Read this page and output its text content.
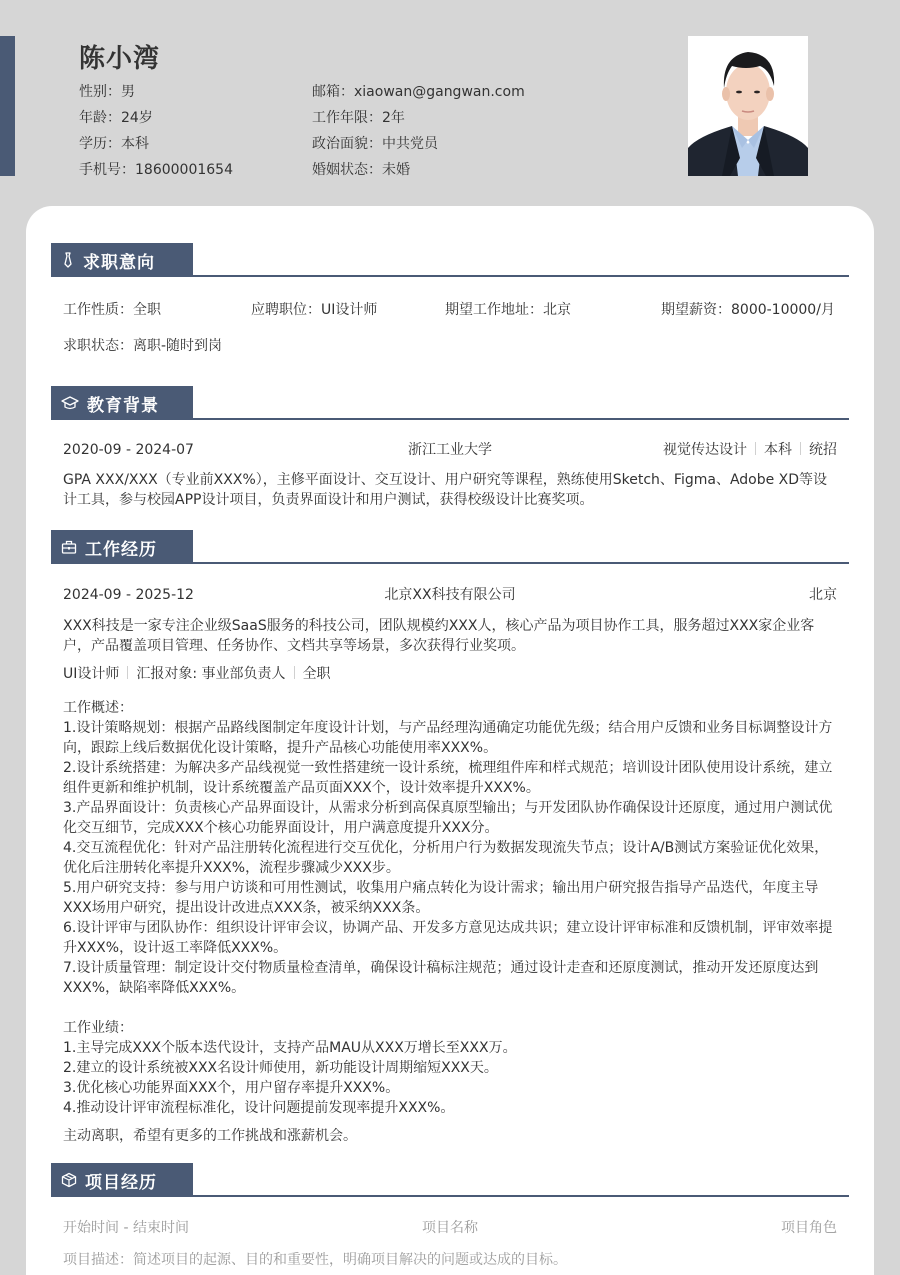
陈小湾
性别：男
年龄：24岁
学历：本科
手机号：18600001654
邮箱：xiaowan@gangwan.com
工作年限：2年
政治面貌：中共党员
婚姻状态：未婚
求职意向
工作性质：全职	应聘职位：UI设计师	期望工作地址：北京	期望薪资：8000-10000/月
求职状态： 离职-随时到岗
教育背景
2020-09 - 2024-07	浙江工业大学	视觉传达设计 本科 统招
GPA XXX/XXX（专业前XXX%），主修平面设计、交互设计、用户研究等课程，熟练使用Sketch、Figma、Adobe XD等设计工具，参与校园APP设计项目，负责界面设计和用户测试，获得校级设计比赛奖项。
工作经历
2024-09 - 2025-12	北京XX科技有限公司	北京
XXX科技是一家专注企业级SaaS服务的科技公司，团队规模约XXX人，核心产品为项目协作工具，服务超过XXX家企业客户，产品覆盖项目管理、任务协作、文档共享等场景，多次获得行业奖项。
UI设计师 汇报对象: 事业部负责人 全职
工作概述：
1.设计策略规划：根据产品路线图制定年度设计计划，与产品经理沟通确定功能优先级；结合用户反馈和业务目标调整设计方向，跟踪上线后数据优化设计策略，提升产品核心功能使用率XXX%。
2.设计系统搭建：为解决多产品线视觉一致性搭建统一设计系统，梳理组件库和样式规范；培训设计团队使用设计系统，建立组件更新和维护机制，设计系统覆盖产品页面XXX个，设计效率提升XXX%。
3.产品界面设计：负责核心产品界面设计，从需求分析到高保真原型输出；与开发团队协作确保设计还原度，通过用户测试优化交互细节，完成XXX个核心功能界面设计，用户满意度提升XXX分。
4.交互流程优化：针对产品注册转化流程进行交互优化，分析用户行为数据发现流失节点；设计A/B测试方案验证优化效果，优化后注册转化率提升XXX%，流程步骤减少XXX步。
5.用户研究支持：参与用户访谈和可用性测试，收集用户痛点转化为设计需求；输出用户研究报告指导产品迭代，年度主导XXX场用户研究，提出设计改进点XXX条，被采纳XXX条。
6.设计评审与团队协作：组织设计评审会议，协调产品、开发多方意见达成共识；建立设计评审标准和反馈机制，评审效率提升XXX%，设计返工率降低XXX%。
7.设计质量管理：制定设计交付物质量检查清单，确保设计稿标注规范；通过设计走查和还原度测试，推动开发还原度达到XXX%，缺陷率降低XXX%。
工作业绩：
1.主导完成XXX个版本迭代设计，支持产品MAU从XXX万增长至XXX万。
2.建立的设计系统被XXX名设计师使用，新功能设计周期缩短XXX天。
3.优化核心功能界面XXX个，用户留存率提升XXX%。
4.推动设计评审流程标准化，设计问题提前发现率提升XXX%。
主动离职，希望有更多的工作挑战和涨薪机会。
项目经历
开始时间 - 结束时间	项目名称	项目角色
项目描述：简述项目的起源、目的和重要性，明确项目解决的问题或达成的目标。
